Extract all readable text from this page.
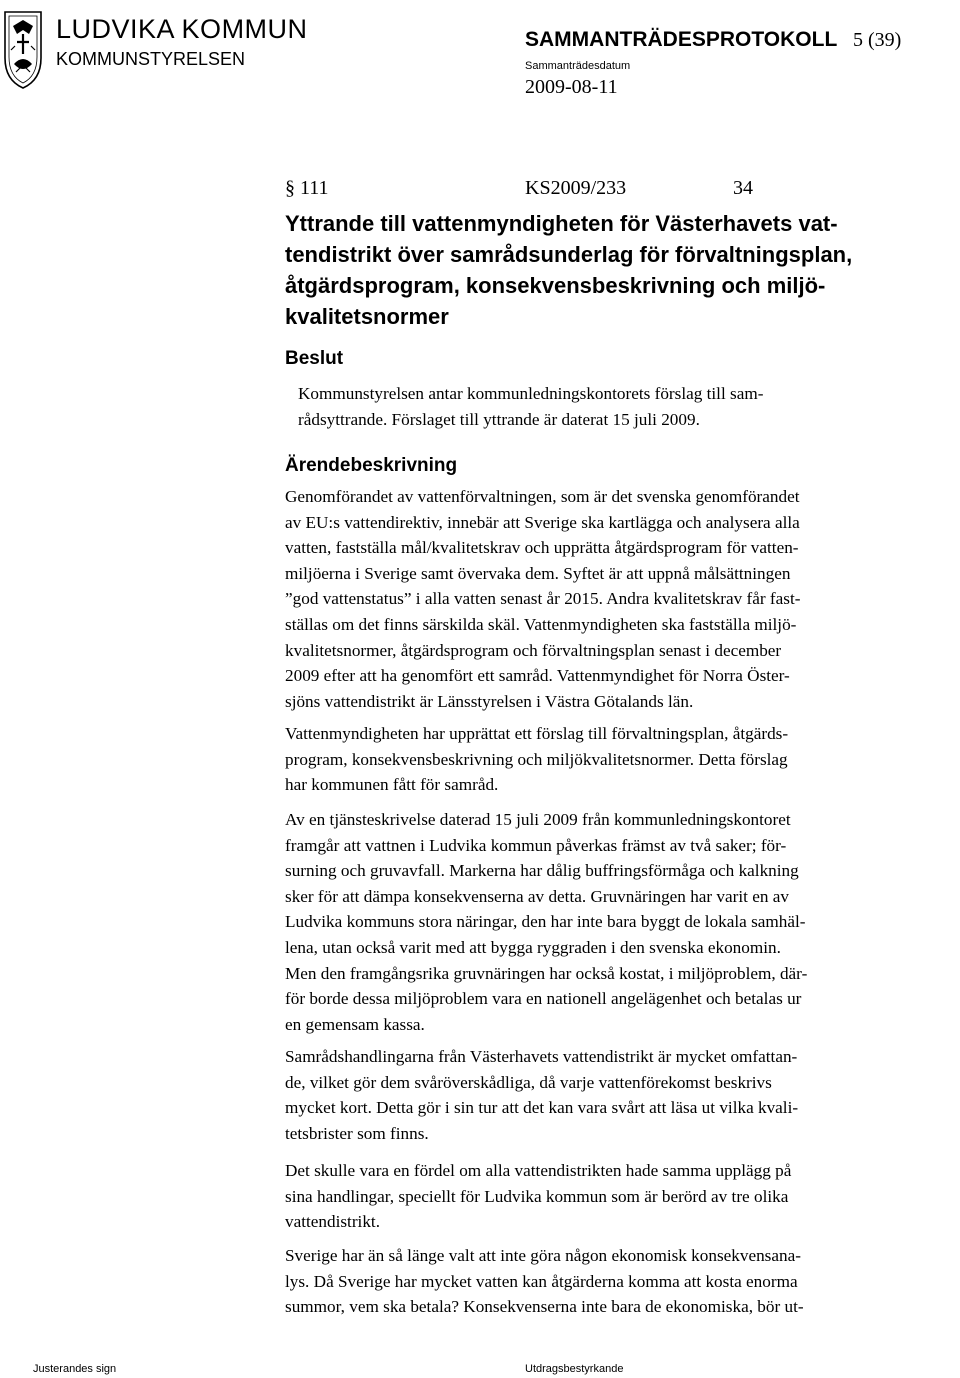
LUDVIKA KOMMUN
KOMMUNSTYRELSEN
SAMMANTRÄDESPROTOKOLL 5 (39)
Sammanträdesdatum
2009-08-11
§ 111	KS2009/233	34
Yttrande till vattenmyndigheten för Västerhavets vat-
tendistrikt över samrådsunderlag för förvaltningsplan,
åtgärdsprogram, konsekvensbeskrivning och miljö-
kvalitetsnormer
Beslut
Kommunstyrelsen antar kommunledningskontorets förslag till sam-
rådsyttrande. Förslaget till yttrande är daterat 15 juli 2009.
Ärendebeskrivning
Genomförandet av vattenförvaltningen, som är det svenska genomförandet
av EU:s vattendirektiv, innebär att Sverige ska kartlägga och analysera alla
vatten, fastställa mål/kvalitetskrav och upprätta åtgärdsprogram för vatten-
miljöerna i Sverige samt övervaka dem. Syftet är att uppnå målsättningen
”god vattenstatus” i alla vatten senast år 2015. Andra kvalitetskrav får fast-
ställas om det finns särskilda skäl. Vattenmyndigheten ska fastställa miljö-
kvalitetsnormer, åtgärdsprogram och förvaltningsplan senast i december
2009 efter att ha genomfört ett samråd. Vattenmyndighet för Norra Öster-
sjöns vattendistrikt är Länsstyrelsen i Västra Götalands län.
Vattenmyndigheten har upprättat ett förslag till förvaltningsplan, åtgärds-
program, konsekvensbeskrivning och miljökvalitetsnormer. Detta förslag
har kommunen fått för samråd.
Av en tjänsteskrivelse daterad 15 juli 2009 från kommunledningskontoret
framgår att vattnen i Ludvika kommun påverkas främst av två saker; för-
surning och gruvavfall. Markerna har dålig buffringsförmåga och kalkning
sker för att dämpa konsekvenserna av detta. Gruvnäringen har varit en av
Ludvika kommuns stora näringar, den har inte bara byggt de lokala samhäl-
lena, utan också varit med att bygga ryggraden i den svenska ekonomin.
Men den framgångsrika gruvnäringen har också kostat, i miljöproblem, där-
för borde dessa miljöproblem vara en nationell angelägenhet och betalas ur
en gemensam kassa.
Samrådshandlingarna från Västerhavets vattendistrikt är mycket omfattan-
de, vilket gör dem svåröverskådliga, då varje vattenförekomst beskrivs
mycket kort. Detta gör i sin tur att det kan vara svårt att läsa ut vilka kvali-
tetsbrister som finns.
Det skulle vara en fördel om alla vattendistrikten hade samma upplägg på
sina handlingar, speciellt för Ludvika kommun som är berörd av tre olika
vattendistrikt.
Sverige har än så länge valt att inte göra någon ekonomisk konsekvensana-
lys. Då Sverige har mycket vatten kan åtgärderna komma att kosta enorma
summor, vem ska betala? Konsekvenserna inte bara de ekonomiska, bör ut-
Justerandes sign	Utdragsbestyrkande
